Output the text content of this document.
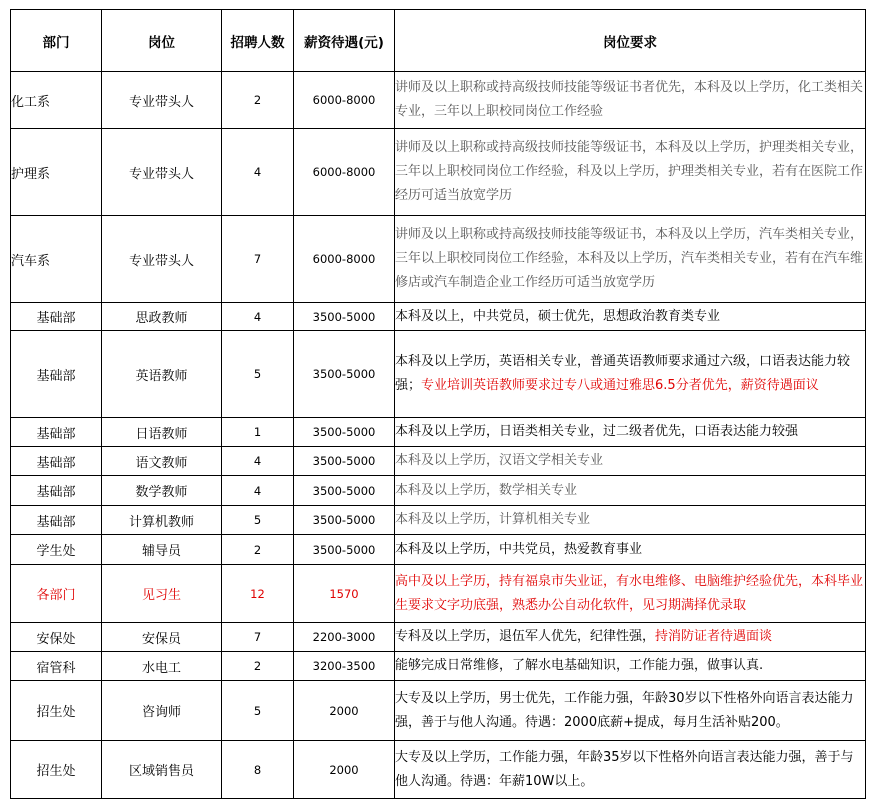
部门	岗位	招聘人数	薪资待遇(元)	岗位要求
化工系	专业带头人	2	6000-8000	讲师及以上职称或持高级技师技能等级证书者优先，本科及以上学历，化工类相关专业，三年以上职校同岗位工作经验
护理系	专业带头人	4	6000-8000	讲师及以上职称或持高级技师技能等级证书，本科及以上学历，护理类相关专业，三年以上职校同岗位工作经验，科及以上学历，护理类相关专业，若有在医院工作经历可适当放宽学历
汽车系	专业带头人	7	6000-8000	讲师及以上职称或持高级技师技能等级证书，本科及以上学历，汽车类相关专业，三年以上职校同岗位工作经验，本科及以上学历，汽车类相关专业，若有在汽车维修店或汽车制造企业工作经历可适当放宽学历
基础部	思政教师	4	3500-5000	本科及以上，中共党员，硕士优先，思想政治教育类专业
基础部	英语教师	5	3500-5000	本科及以上学历，英语相关专业，普通英语教师要求通过六级，口语表达能力较强；专业培训英语教师要求过专八或通过雅思6.5分者优先，薪资待遇面议
基础部	日语教师	1	3500-5000	本科及以上学历，日语类相关专业，过二级者优先，口语表达能力较强
基础部	语文教师	4	3500-5000	本科及以上学历，汉语文学相关专业
基础部	数学教师	4	3500-5000	本科及以上学历，数学相关专业
基础部	计算机教师	5	3500-5000	本科及以上学历，计算机相关专业
学生处	辅导员	2	3500-5000	本科及以上学历，中共党员，热爱教育事业
各部门	见习生	12	1570	高中及以上学历，持有福泉市失业证，有水电维修、电脑维护经验优先，本科毕业生要求文字功底强，熟悉办公自动化软件，见习期满择优录取
安保处	安保员	7	2200-3000	专科及以上学历，退伍军人优先，纪律性强，持消防证者待遇面谈
宿管科	水电工	2	3200-3500	能够完成日常维修，了解水电基础知识，工作能力强，做事认真.
招生处	咨询师	5	2000	大专及以上学历，男士优先，工作能力强，年龄30岁以下性格外向语言表达能力强，善于与他人沟通。待遇：2000底薪+提成，每月生活补贴200。
招生处	区域销售员	8	2000	大专及以上学历，工作能力强，年龄35岁以下性格外向语言表达能力强，善于与他人沟通。待遇：年薪10W以上。
